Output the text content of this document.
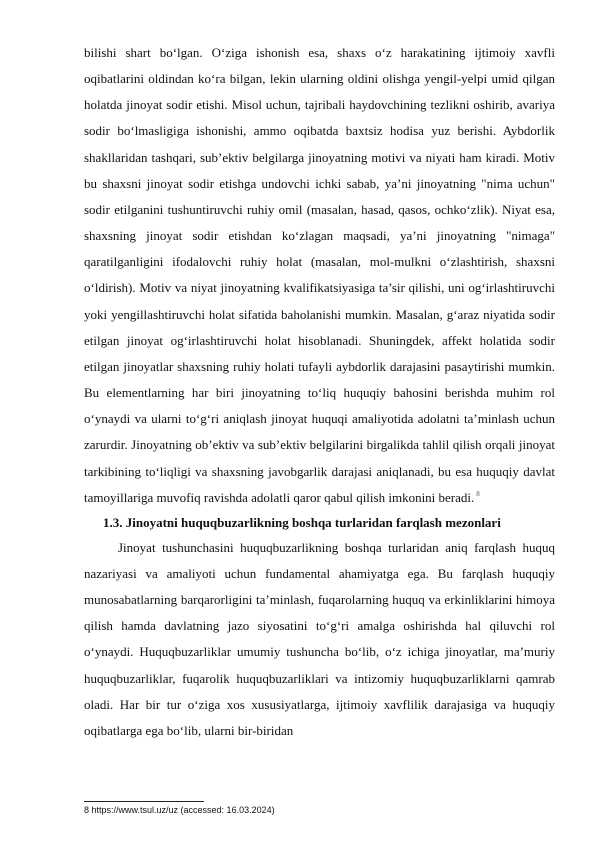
bilishi shart bo‘lgan. O‘ziga ishonish esa, shaxs o‘z harakatining ijtimoiy xavfli oqibatlarini oldindan ko‘ra bilgan, lekin ularning oldini olishga yengil-yelpi umid qilgan holatda jinoyat sodir etishi. Misol uchun, tajribali haydovchining tezlikni oshirib, avariya sodir bo‘lmasligiga ishonishi, ammo oqibatda baxtsiz hodisa yuz berishi. Aybdorlik shakllaridan tashqari, sub’ektiv belgilarga jinoyatning motivi va niyati ham kiradi. Motiv bu shaxsni jinoyat sodir etishga undovchi ichki sabab, ya’ni jinoyatning "nima uchun" sodir etilganini tushuntiruvchi ruhiy omil (masalan, hasad, qasos, ochko‘zlik). Niyat esa, shaxsning jinoyat sodir etishdan ko‘zlagan maqsadi, ya’ni jinoyatning "nimaga" qaratilganligini ifodalovchi ruhiy holat (masalan, mol-mulkni o‘zlashtirish, shaxsni o‘ldirish). Motiv va niyat jinoyatning kvalifikatsiyasiga ta’sir qilishi, uni og‘irlashtiruvchi yoki yengillashtiruvchi holat sifatida baholanishi mumkin. Masalan, g‘araz niyatida sodir etilgan jinoyat og‘irlashtiruvchi holat hisoblanadi. Shuningdek, affekt holatida sodir etilgan jinoyatlar shaxsning ruhiy holati tufayli aybdorlik darajasini pasaytirishi mumkin. Bu elementlarning har biri jinoyatning to‘liq huquqiy bahosini berishda muhim rol o‘ynaydi va ularni to‘g‘ri aniqlash jinoyat huquqi amaliyotida adolatni ta’minlash uchun zarurdir. Jinoyatning ob’ektiv va sub’ektiv belgilarini birgalikda tahlil qilish orqali jinoyat tarkibining to‘liqligi va shaxsning javobgarlik darajasi aniqlanadi, bu esa huquqiy davlat tamoyillariga muvofiq ravishda adolatli qaror qabul qilish imkonini beradi. $^8$

1.3. Jinoyatni huquqbuzarlikning boshqa turlaridan farqlash mezonlari

Jinoyat tushunchasini huquqbuzarlikning boshqa turlaridan aniq farqlash huquq nazariyasi va amaliyoti uchun fundamental ahamiyatga ega. Bu farqlash huquqiy munosabatlarning barqarorligini ta’minlash, fuqarolarning huquq va erkinliklarini himoya qilish hamda davlatning jazo siyosatini to‘g‘ri amalga oshirishda hal qiluvchi rol o‘ynaydi. Huquqbuzarliklar umumiy tushuncha bo‘lib, o‘z ichiga jinoyatlar, ma’muriy huquqbuzarliklar, fuqarolik huquqbuzarliklari va intizomiy huquqbuzarliklarni qamrab oladi. Har bir tur o‘ziga xos xususiyatlarga, ijtimoiy xavflilik darajasiga va huquqiy oqibatlarga ega bo‘lib, ularni bir-biridan

8 https://www.tsul.uz/uz (accessed: 16.03.2024)
